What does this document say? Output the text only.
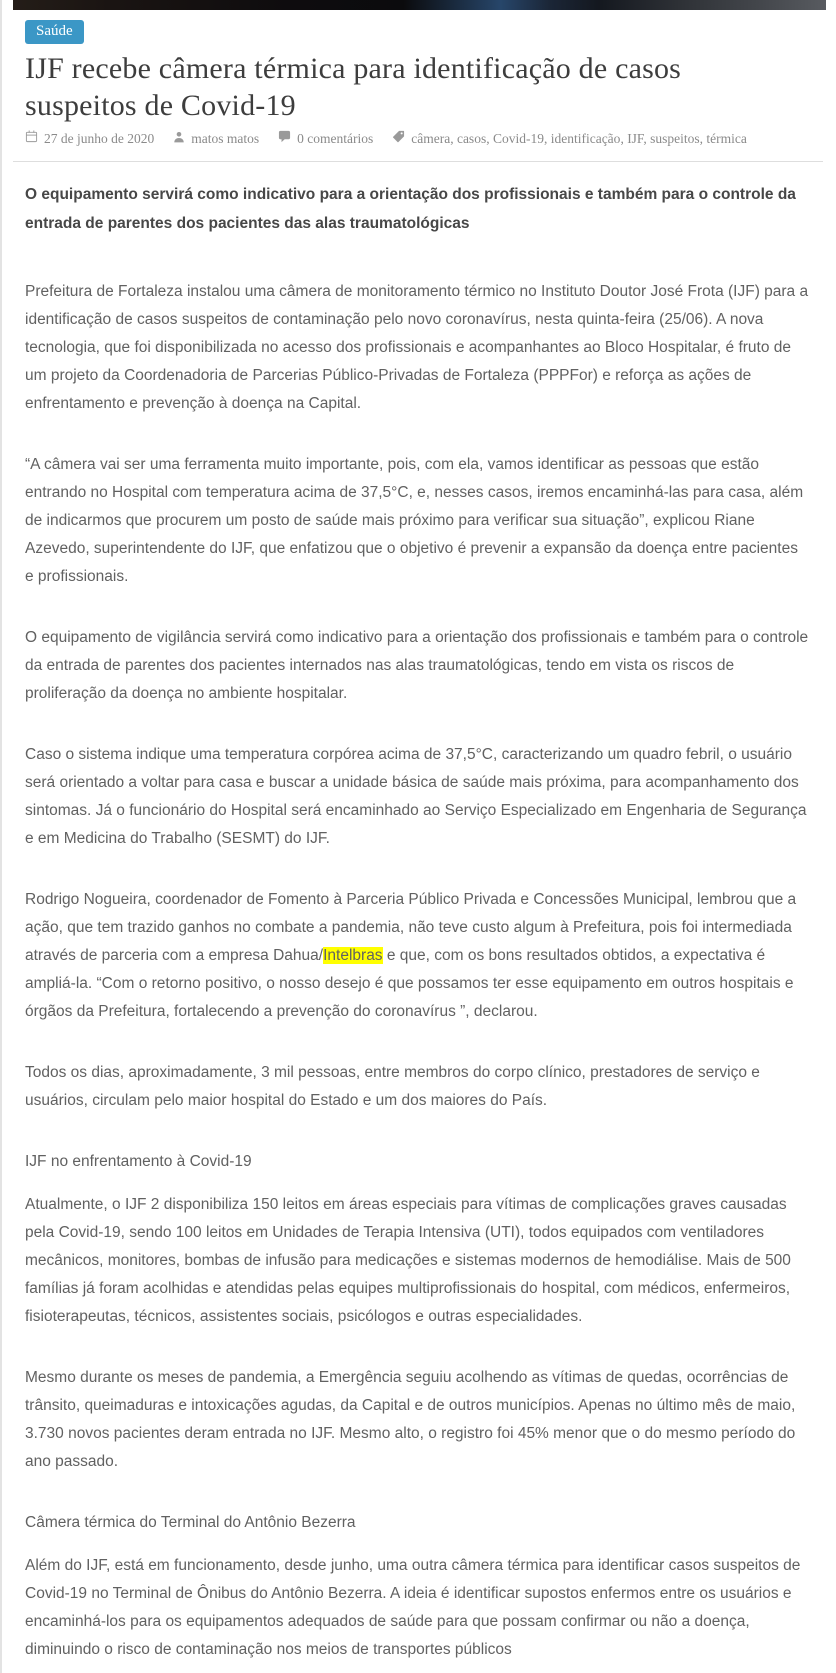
Saúde
IJF recebe câmera térmica para identificação de casos suspeitos de Covid-19
27 de junho de 2020	matos matos	0 comentários	câmera, casos, Covid-19, identificação, IJF, suspeitos, térmica

O equipamento servirá como indicativo para a orientação dos profissionais e também para o controle da entrada de parentes dos pacientes das alas traumatológicas

Prefeitura de Fortaleza instalou uma câmera de monitoramento térmico no Instituto Doutor José Frota (IJF) para a identificação de casos suspeitos de contaminação pelo novo coronavírus, nesta quinta-feira (25/06). A nova tecnologia, que foi disponibilizada no acesso dos profissionais e acompanhantes ao Bloco Hospitalar, é fruto de um projeto da Coordenadoria de Parcerias Público-Privadas de Fortaleza (PPPFor) e reforça as ações de enfrentamento e prevenção à doença na Capital.

“A câmera vai ser uma ferramenta muito importante, pois, com ela, vamos identificar as pessoas que estão entrando no Hospital com temperatura acima de 37,5°C, e, nesses casos, iremos encaminhá-las para casa, além de indicarmos que procurem um posto de saúde mais próximo para verificar sua situação”, explicou Riane Azevedo, superintendente do IJF, que enfatizou que o objetivo é prevenir a expansão da doença entre pacientes e profissionais.

O equipamento de vigilância servirá como indicativo para a orientação dos profissionais e também para o controle da entrada de parentes dos pacientes internados nas alas traumatológicas, tendo em vista os riscos de proliferação da doença no ambiente hospitalar.

Caso o sistema indique uma temperatura corpórea acima de 37,5°C, caracterizando um quadro febril, o usuário será orientado a voltar para casa e buscar a unidade básica de saúde mais próxima, para acompanhamento dos sintomas. Já o funcionário do Hospital será encaminhado ao Serviço Especializado em Engenharia de Segurança e em Medicina do Trabalho (SESMT) do IJF.

Rodrigo Nogueira, coordenador de Fomento à Parceria Público Privada e Concessões Municipal, lembrou que a ação, que tem trazido ganhos no combate a pandemia, não teve custo algum à Prefeitura, pois foi intermediada através de parceria com a empresa Dahua/Intelbras e que, com os bons resultados obtidos, a expectativa é ampliá-la. “Com o retorno positivo, o nosso desejo é que possamos ter esse equipamento em outros hospitais e órgãos da Prefeitura, fortalecendo a prevenção do coronavírus ”, declarou.

Todos os dias, aproximadamente, 3 mil pessoas, entre membros do corpo clínico, prestadores de serviço e usuários, circulam pelo maior hospital do Estado e um dos maiores do País.

IJF no enfrentamento à Covid-19

Atualmente, o IJF 2 disponibiliza 150 leitos em áreas especiais para vítimas de complicações graves causadas pela Covid-19, sendo 100 leitos em Unidades de Terapia Intensiva (UTI), todos equipados com ventiladores mecânicos, monitores, bombas de infusão para medicações e sistemas modernos de hemodiálise. Mais de 500 famílias já foram acolhidas e atendidas pelas equipes multiprofissionais do hospital, com médicos, enfermeiros, fisioterapeutas, técnicos, assistentes sociais, psicólogos e outras especialidades.

Mesmo durante os meses de pandemia, a Emergência seguiu acolhendo as vítimas de quedas, ocorrências de trânsito, queimaduras e intoxicações agudas, da Capital e de outros municípios. Apenas no último mês de maio, 3.730 novos pacientes deram entrada no IJF. Mesmo alto, o registro foi 45% menor que o do mesmo período do ano passado.

Câmera térmica do Terminal do Antônio Bezerra

Além do IJF, está em funcionamento, desde junho, uma outra câmera térmica para identificar casos suspeitos de Covid-19 no Terminal de Ônibus do Antônio Bezerra. A ideia é identificar supostos enfermos entre os usuários e encaminhá-los para os equipamentos adequados de saúde para que possam confirmar ou não a doença, diminuindo o risco de contaminação nos meios de transportes públicos
